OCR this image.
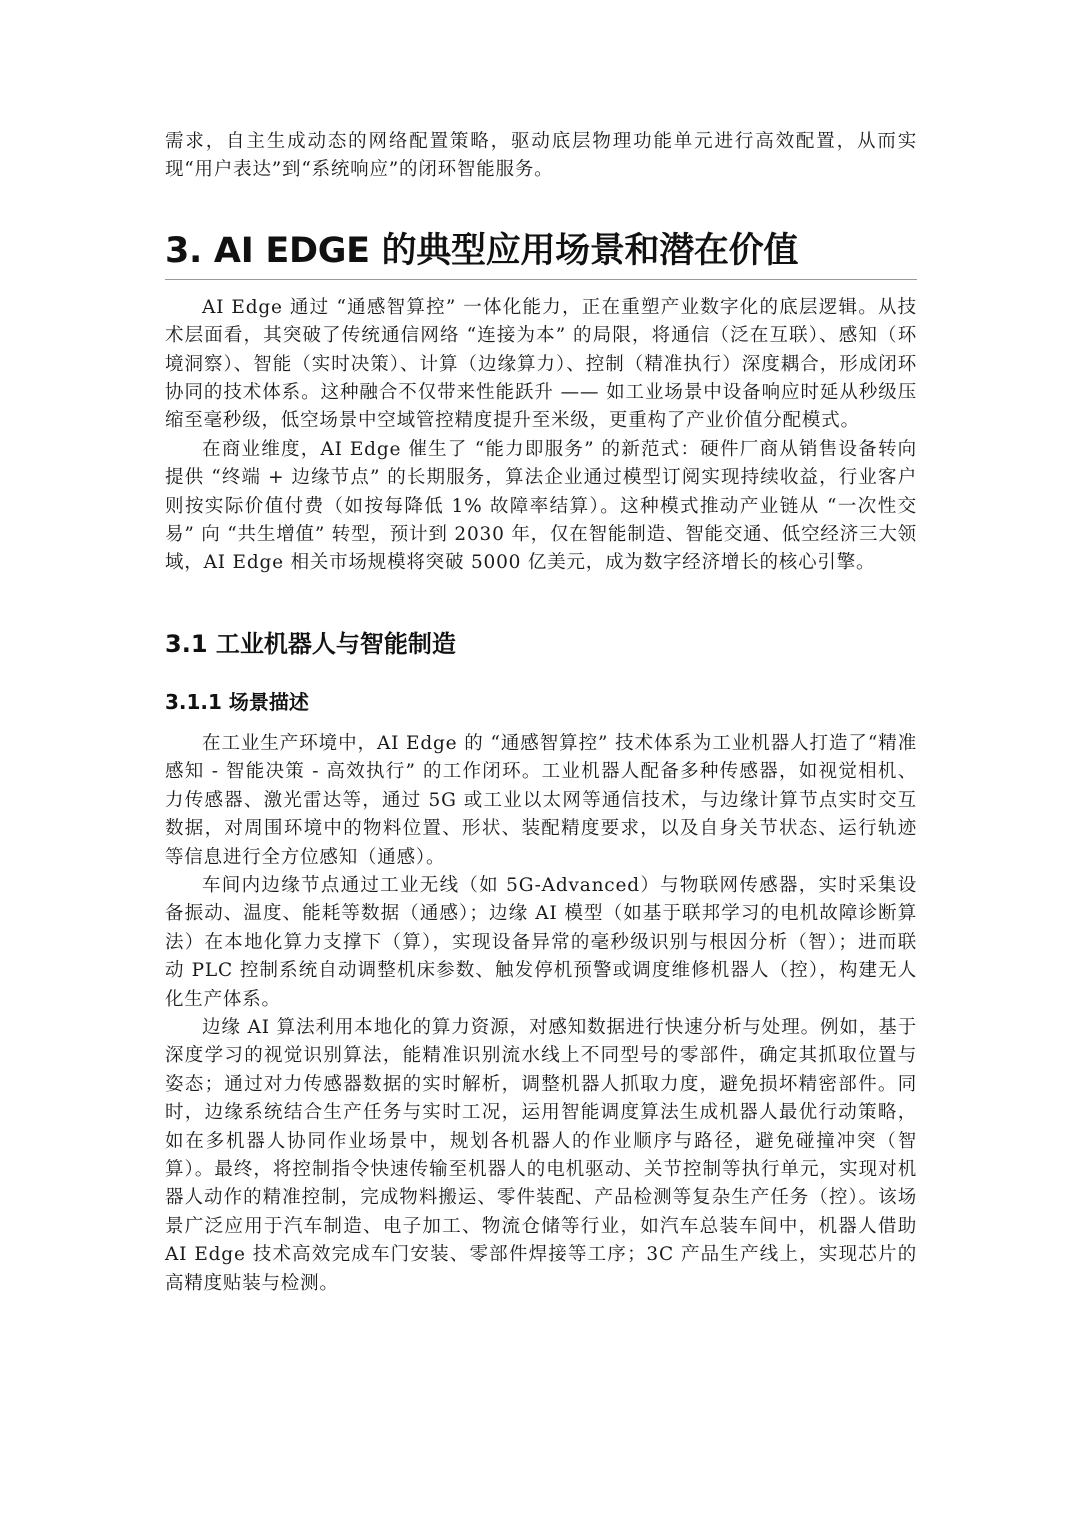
需求，自主生成动态的网络配置策略，驱动底层物理功能单元进行高效配置，从而实现“用户表达”到“系统响应”的闭环智能服务。

3. AI EDGE 的典型应用场景和潜在价值

AI Edge 通过 “通感智算控” 一体化能力，正在重塑产业数字化的底层逻辑。从技术层面看，其突破了传统通信网络 “连接为本” 的局限，将通信（泛在互联）、感知（环境洞察）、智能（实时决策）、计算（边缘算力）、控制（精准执行）深度耦合，形成闭环协同的技术体系。这种融合不仅带来性能跃升 —— 如工业场景中设备响应时延从秒级压缩至毫秒级，低空场景中空域管控精度提升至米级，更重构了产业价值分配模式。

在商业维度，AI Edge 催生了 “能力即服务” 的新范式：硬件厂商从销售设备转向提供 “终端 + 边缘节点” 的长期服务，算法企业通过模型订阅实现持续收益，行业客户则按实际价值付费（如按每降低 1% 故障率结算）。这种模式推动产业链从 “一次性交易” 向 “共生增值” 转型，预计到 2030 年，仅在智能制造、智能交通、低空经济三大领域，AI Edge 相关市场规模将突破 5000 亿美元，成为数字经济增长的核心引擎。

3.1 工业机器人与智能制造
3.1.1 场景描述

在工业生产环境中，AI Edge 的 “通感智算控” 技术体系为工业机器人打造了“精准感知 - 智能决策 - 高效执行” 的工作闭环。工业机器人配备多种传感器，如视觉相机、力传感器、激光雷达等，通过 5G 或工业以太网等通信技术，与边缘计算节点实时交互数据，对周围环境中的物料位置、形状、装配精度要求，以及自身关节状态、运行轨迹等信息进行全方位感知（通感）。

车间内边缘节点通过工业无线（如 5G-Advanced）与物联网传感器，实时采集设备振动、温度、能耗等数据（通感）；边缘 AI 模型（如基于联邦学习的电机故障诊断算法）在本地化算力支撑下（算），实现设备异常的毫秒级识别与根因分析（智）；进而联动 PLC 控制系统自动调整机床参数、触发停机预警或调度维修机器人（控），构建无人化生产体系。

边缘 AI 算法利用本地化的算力资源，对感知数据进行快速分析与处理。例如，基于深度学习的视觉识别算法，能精准识别流水线上不同型号的零部件，确定其抓取位置与姿态；通过对力传感器数据的实时解析，调整机器人抓取力度，避免损坏精密部件。同时，边缘系统结合生产任务与实时工况，运用智能调度算法生成机器人最优行动策略，如在多机器人协同作业场景中，规划各机器人的作业顺序与路径，避免碰撞冲突（智算）。最终，将控制指令快速传输至机器人的电机驱动、关节控制等执行单元，实现对机器人动作的精准控制，完成物料搬运、零件装配、产品检测等复杂生产任务（控）。该场景广泛应用于汽车制造、电子加工、物流仓储等行业，如汽车总装车间中，机器人借助 AI Edge 技术高效完成车门安装、零部件焊接等工序；3C 产品生产线上，实现芯片的高精度贴装与检测。
